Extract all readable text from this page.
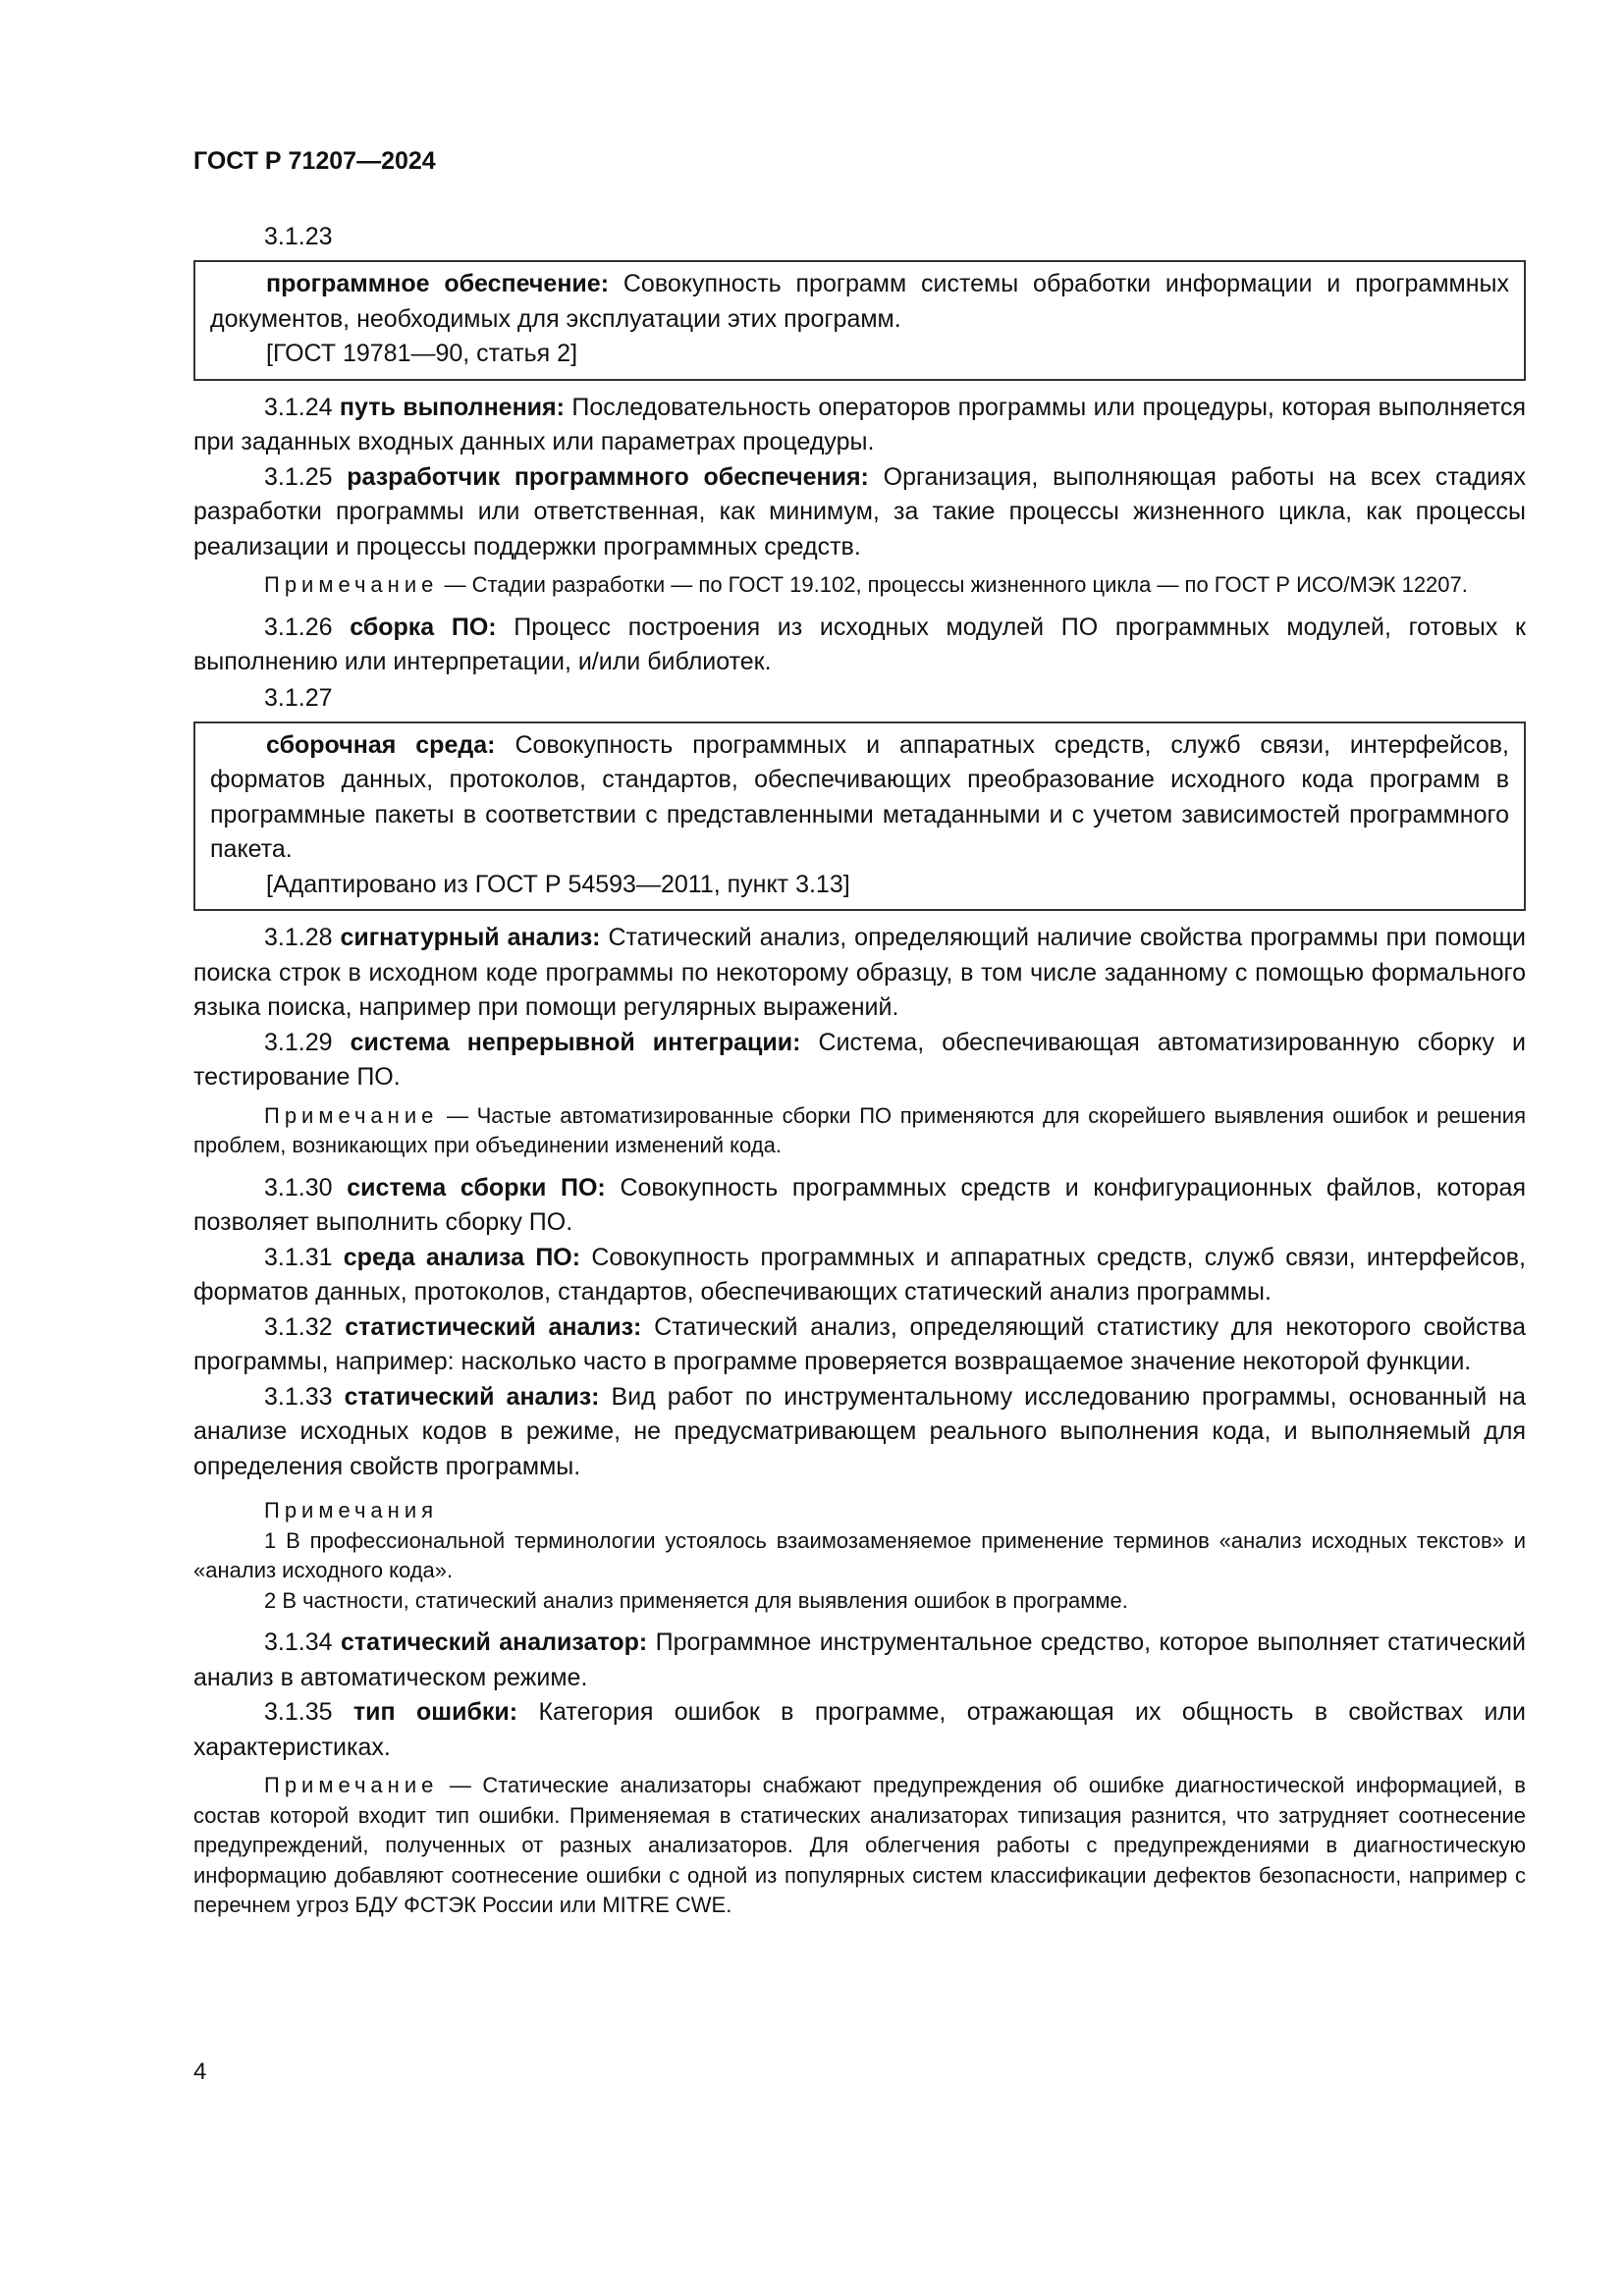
ГОСТ Р 71207—2024
3.1.23

программное обеспечение: Совокупность программ системы обработки информации и программных документов, необходимых для эксплуатации этих программ.

[ГОСТ 19781—90, статья 2]

3.1.24 путь выполнения: Последовательность операторов программы или процедуры, которая выполняется при заданных входных данных или параметрах процедуры.

3.1.25 разработчик программного обеспечения: Организация, выполняющая работы на всех стадиях разработки программы или ответственная, как минимум, за такие процессы жизненного цикла, как процессы реализации и процессы поддержки программных средств.

Примечание — Стадии разработки — по ГОСТ 19.102, процессы жизненного цикла — по ГОСТ Р ИСО/МЭК 12207.

3.1.26 сборка ПО: Процесс построения из исходных модулей ПО программных модулей, готовых к выполнению или интерпретации, и/или библиотек.

3.1.27

сборочная среда: Совокупность программных и аппаратных средств, служб связи, интерфейсов, форматов данных, протоколов, стандартов, обеспечивающих преобразование исходного кода программ в программные пакеты в соответствии с представленными метаданными и с учетом зависимостей программного пакета.

[Адаптировано из ГОСТ Р 54593—2011, пункт 3.13]

3.1.28 сигнатурный анализ: Статический анализ, определяющий наличие свойства программы при помощи поиска строк в исходном коде программы по некоторому образцу, в том числе заданному с помощью формального языка поиска, например при помощи регулярных выражений.

3.1.29 система непрерывной интеграции: Система, обеспечивающая автоматизированную сборку и тестирование ПО.

Примечание — Частые автоматизированные сборки ПО применяются для скорейшего выявления ошибок и решения проблем, возникающих при объединении изменений кода.

3.1.30 система сборки ПО: Совокупность программных средств и конфигурационных файлов, которая позволяет выполнить сборку ПО.

3.1.31 среда анализа ПО: Совокупность программных и аппаратных средств, служб связи, интерфейсов, форматов данных, протоколов, стандартов, обеспечивающих статический анализ программы.

3.1.32 статистический анализ: Статический анализ, определяющий статистику для некоторого свойства программы, например: насколько часто в программе проверяется возвращаемое значение некоторой функции.

3.1.33 статический анализ: Вид работ по инструментальному исследованию программы, основанный на анализе исходных кодов в режиме, не предусматривающем реального выполнения кода, и выполняемый для определения свойств программы.

Примечания

1 В профессиональной терминологии устоялось взаимозаменяемое применение терминов «анализ исходных текстов» и «анализ исходного кода».

2 В частности, статический анализ применяется для выявления ошибок в программе.

3.1.34 статический анализатор: Программное инструментальное средство, которое выполняет статический анализ в автоматическом режиме.

3.1.35 тип ошибки: Категория ошибок в программе, отражающая их общность в свойствах или характеристиках.

Примечание — Статические анализаторы снабжают предупреждения об ошибке диагностической информацией, в состав которой входит тип ошибки. Применяемая в статических анализаторах типизация разнится, что затрудняет соотнесение предупреждений, полученных от разных анализаторов. Для облегчения работы с предупреждениями в диагностическую информацию добавляют соотнесение ошибки с одной из популярных систем классификации дефектов безопасности, например с перечнем угроз БДУ ФСТЭК России или MITRE CWE.

4
